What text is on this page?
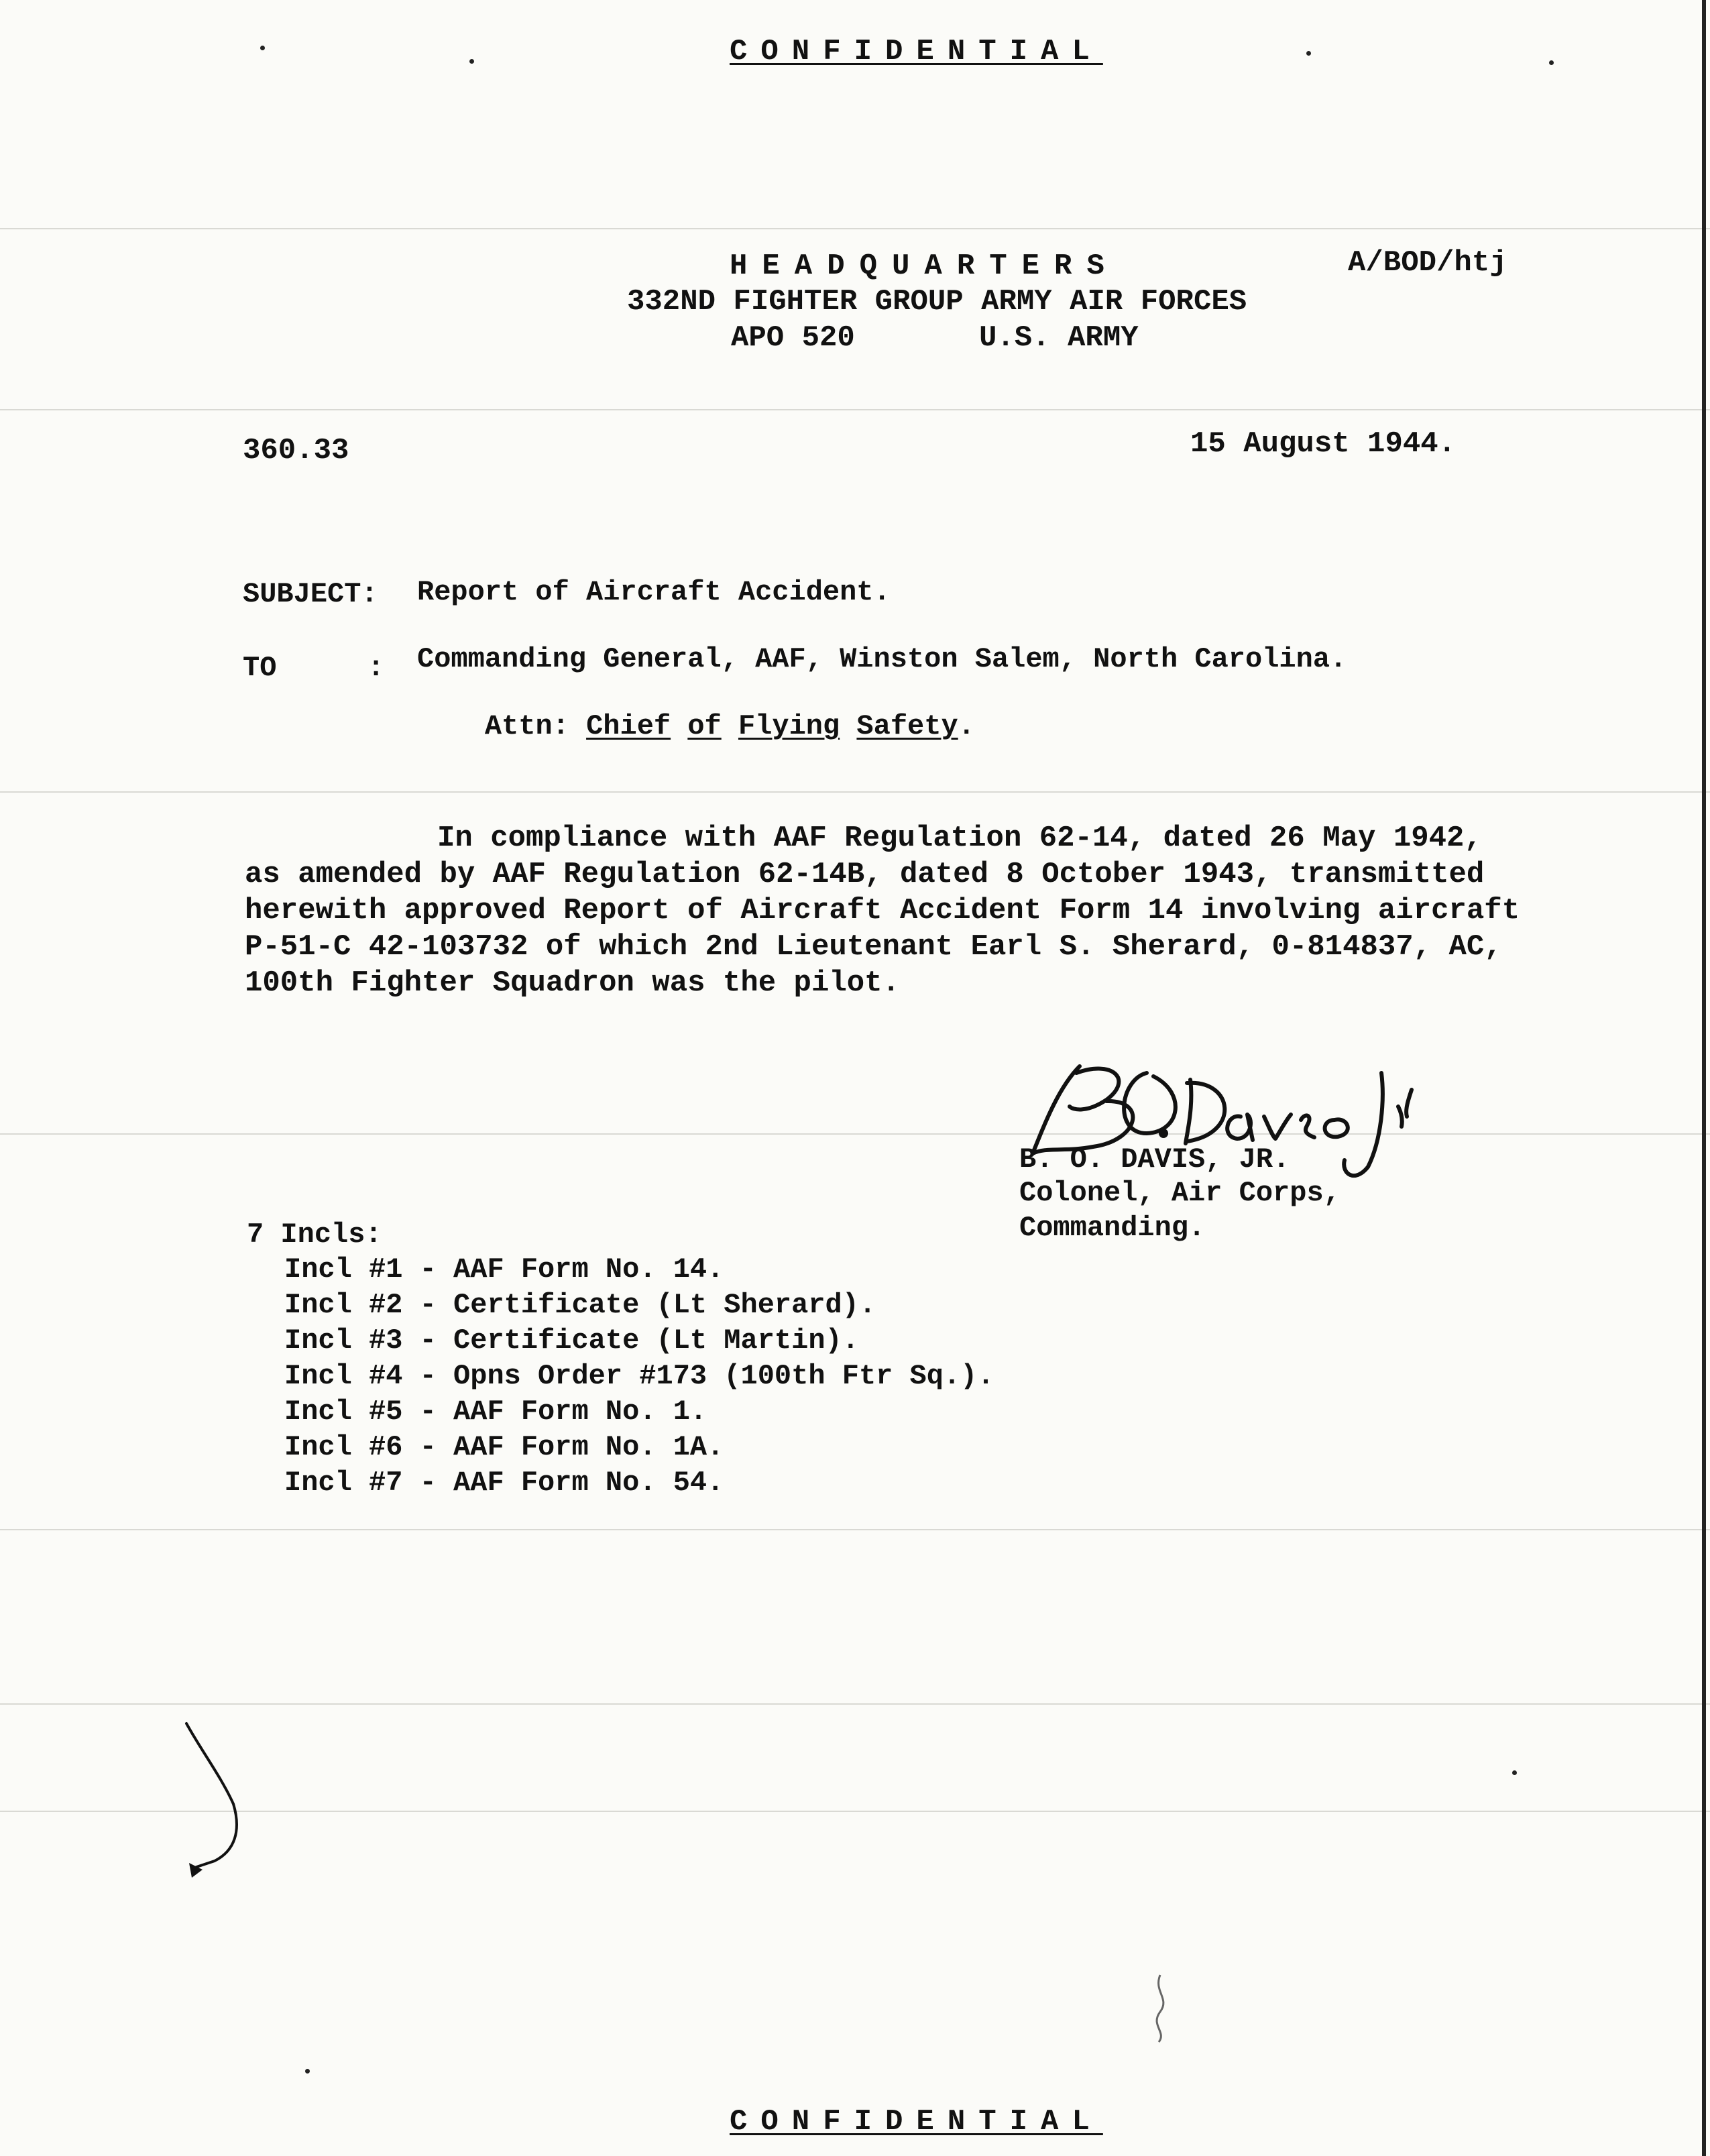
CONFIDENTIAL
HEADQUARTERS	A/BOD/htj
332ND FIGHTER GROUP ARMY AIR FORCES
APO 520	U.S. ARMY
360.33	15 August 1944.
SUBJECT: Report of Aircraft Accident.
TO	: Commanding General, AAF, Winston Salem, North Carolina.

Attn: Chief of Flying Safety.

In compliance with AAF Regulation 62-14, dated 26 May 1942,
as amended by AAF Regulation 62-14B, dated 8 October 1943, transmitted
herewith approved Report of Aircraft Accident Form 14 involving aircraft
P-51-C 42-103732 of which 2nd Lieutenant Earl S. Sherard, 0-814837, AC,
100th Fighter Squadron was the pilot.
B. O. DAVIS, JR.
Colonel, Air Corps,
Commanding.
7 Incls:
Incl #1 - AAF Form No. 14.
Incl #2 - Certificate (Lt Sherard).
Incl #3 - Certificate (Lt Martin).
Incl #4 - Opns Order #173 (100th Ftr Sq.).
Incl #5 - AAF Form No. 1.
Incl #6 - AAF Form No. 1A.
Incl #7 - AAF Form No. 54.
CONFIDENTIAL
